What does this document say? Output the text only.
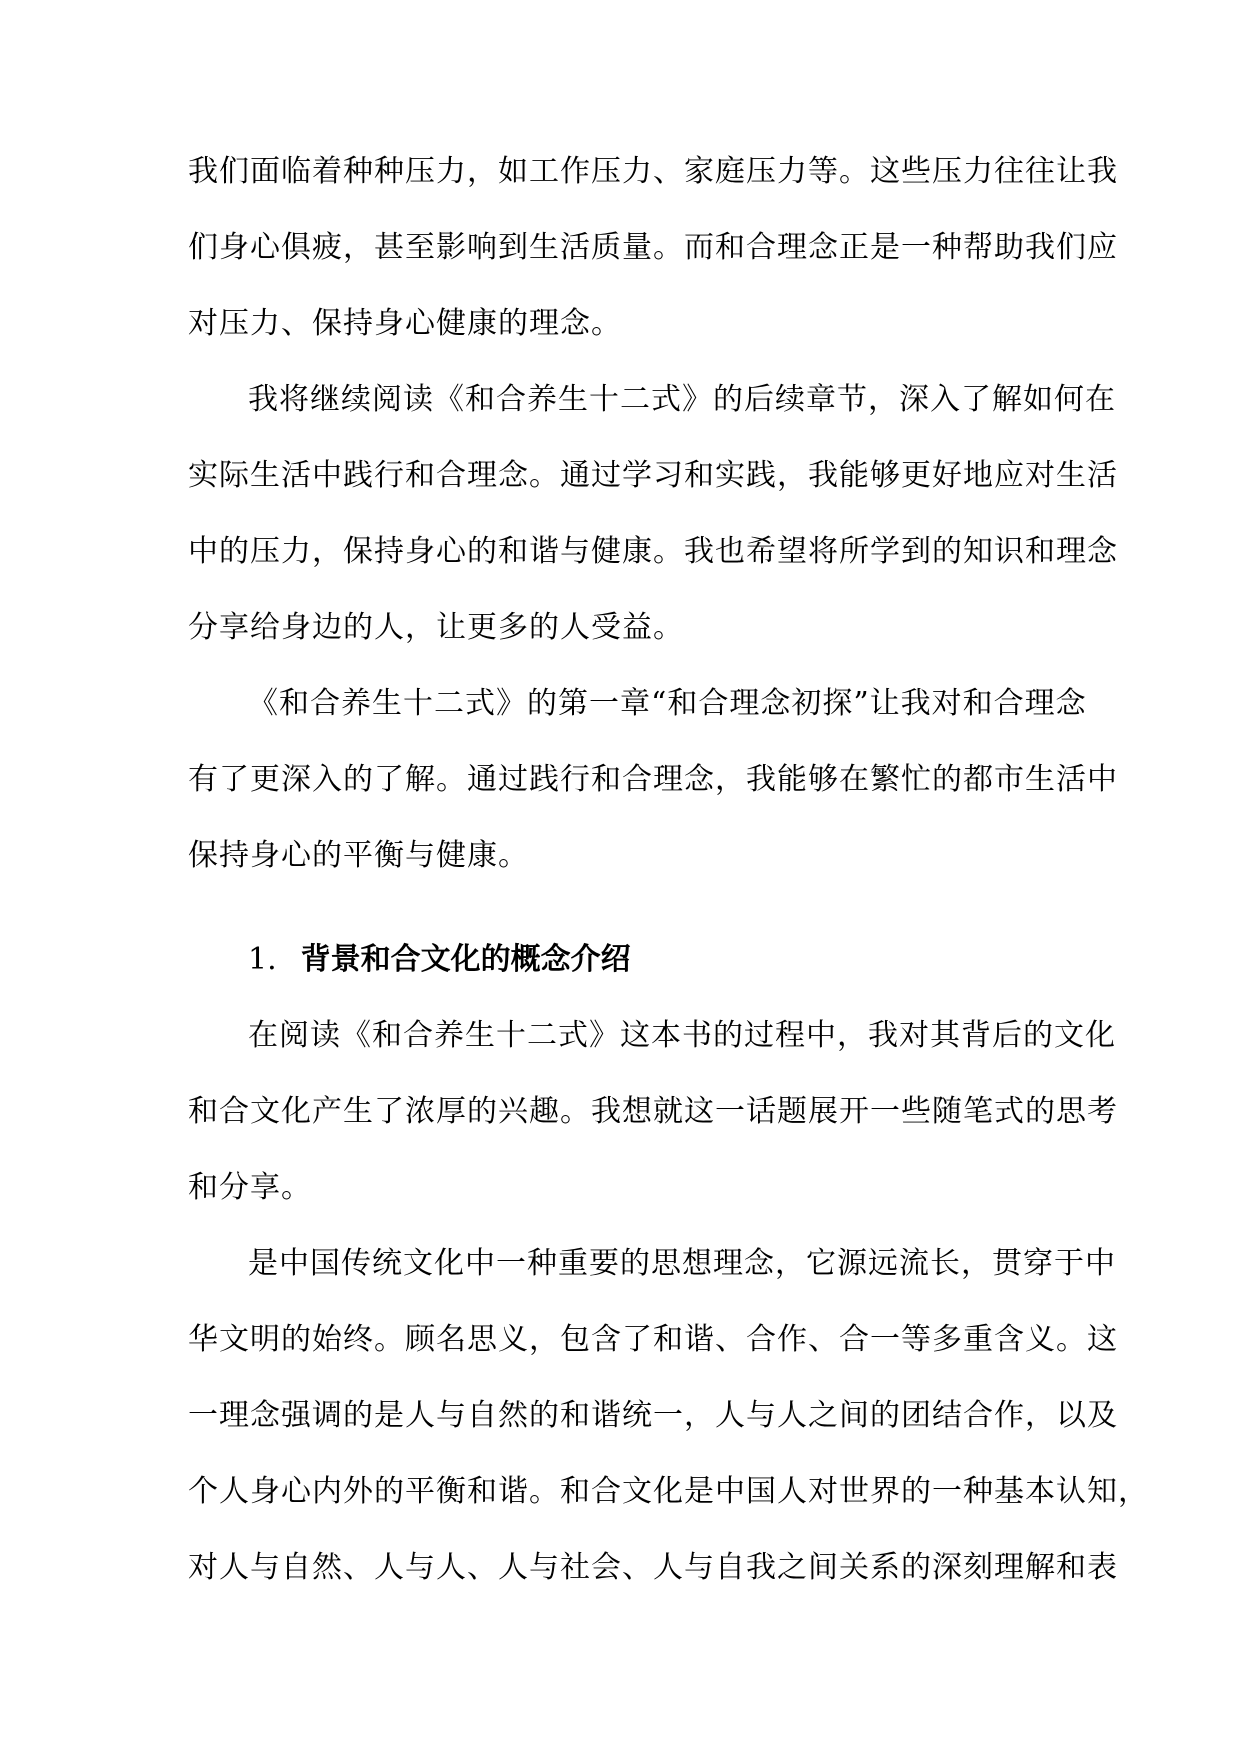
我们面临着种种压力，如工作压力、家庭压力等。这些压力往往让我
们身心俱疲，甚至影响到生活质量。而和合理念正是一种帮助我们应
对压力、保持身心健康的理念。
我将继续阅读《和合养生十二式》的后续章节，深入了解如何在
实际生活中践行和合理念。通过学习和实践，我能够更好地应对生活
中的压力，保持身心的和谐与健康。我也希望将所学到的知识和理念
分享给身边的人，让更多的人受益。
《和合养生十二式》的第一章“和合理念初探”让我对和合理念
有了更深入的了解。通过践行和合理念，我能够在繁忙的都市生活中
保持身心的平衡与健康。
1. 背景和合文化的概念介绍
在阅读《和合养生十二式》这本书的过程中，我对其背后的文化
和合文化产生了浓厚的兴趣。我想就这一话题展开一些随笔式的思考
和分享。
是中国传统文化中一种重要的思想理念，它源远流长，贯穿于中
华文明的始终。顾名思义，包含了和谐、合作、合一等多重含义。这
一理念强调的是人与自然的和谐统一，人与人之间的团结合作，以及
个人身心内外的平衡和谐。和合文化是中国人对世界的一种基本认知，
对人与自然、人与人、人与社会、人与自我之间关系的深刻理解和表
